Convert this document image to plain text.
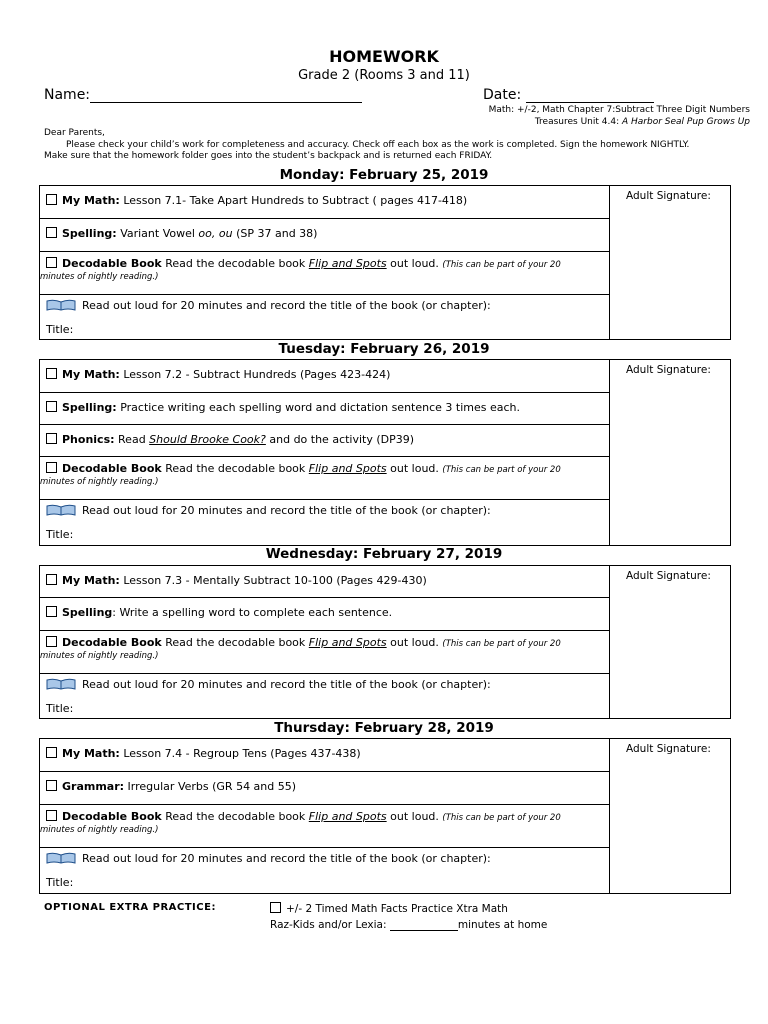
HOMEWORK
Grade 2 (Rooms 3 and 11)
Name:	Date:
Math: +/-2, Math Chapter 7:Subtract Three Digit Numbers
Treasures Unit 4.4: A Harbor Seal Pup Grows Up
Dear Parents,
Please check your child’s work for completeness and accuracy. Check off each box as the work is completed. Sign the homework NIGHTLY.
Make sure that the homework folder goes into the student’s backpack and is returned each FRIDAY.
Monday: February 25, 2019
Adult Signature:
My Math: Lesson 7.1- Take Apart Hundreds to Subtract ( pages 417-418)
Spelling: Variant Vowel oo, ou (SP 37 and 38)
Decodable Book Read the decodable book Flip and Spots out loud. (This can be part of your 20
minutes of nightly reading.)
Read out loud for 20 minutes and record the title of the book (or chapter):
Title:
Tuesday: February 26, 2019
Adult Signature:
My Math: Lesson 7.2 - Subtract Hundreds (Pages 423-424)
Spelling: Practice writing each spelling word and dictation sentence 3 times each.
Phonics: Read Should Brooke Cook? and do the activity (DP39)
Decodable Book Read the decodable book Flip and Spots out loud. (This can be part of your 20
minutes of nightly reading.)
Read out loud for 20 minutes and record the title of the book (or chapter):
Title:
Wednesday: February 27, 2019
Adult Signature:
My Math: Lesson 7.3 - Mentally Subtract 10-100 (Pages 429-430)
Spelling: Write a spelling word to complete each sentence.
Decodable Book Read the decodable book Flip and Spots out loud. (This can be part of your 20
minutes of nightly reading.)
Read out loud for 20 minutes and record the title of the book (or chapter):
Title:
Thursday: February 28, 2019
Adult Signature:
My Math: Lesson 7.4 - Regroup Tens (Pages 437-438)
Grammar: Irregular Verbs (GR 54 and 55)
Decodable Book Read the decodable book Flip and Spots out loud. (This can be part of your 20
minutes of nightly reading.)
Read out loud for 20 minutes and record the title of the book (or chapter):
Title:
OPTIONAL EXTRA PRACTICE:	+/- 2 Timed Math Facts Practice Xtra Math
Raz-Kids and/or Lexia:	minutes at home
